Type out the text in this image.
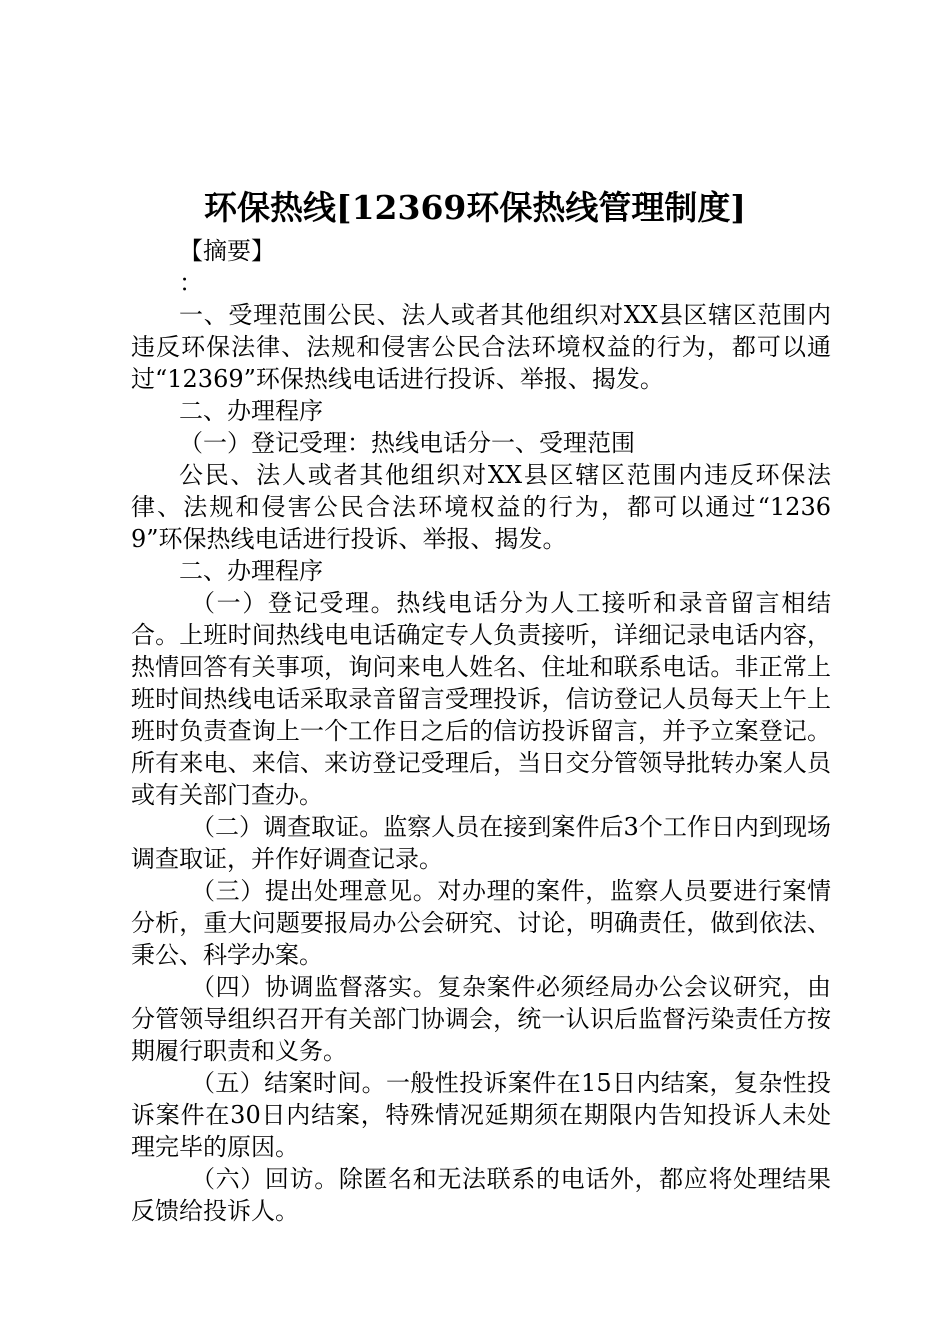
环保热线[12369环保热线管理制度]

【摘要】

：

一、受理范围公民、法人或者其他组织对XX县区辖区范围内违反环保法律、法规和侵害公民合法环境权益的行为，都可以通过“12369”环保热线电话进行投诉、举报、揭发。

二、办理程序

（一）登记受理：热线电话分一、受理范围

公民、法人或者其他组织对XX县区辖区范围内违反环保法律、法规和侵害公民合法环境权益的行为，都可以通过“12369”环保热线电话进行投诉、举报、揭发。

二、办理程序

（一）登记受理。热线电话分为人工接听和录音留言相结合。上班时间热线电电话确定专人负责接听，详细记录电话内容，热情回答有关事项，询问来电人姓名、住址和联系电话。非正常上班时间热线电话采取录音留言受理投诉，信访登记人员每天上午上班时负责查询上一个工作日之后的信访投诉留言，并予立案登记。所有来电、来信、来访登记受理后，当日交分管领导批转办案人员或有关部门查办。

（二）调查取证。监察人员在接到案件后3个工作日内到现场调查取证，并作好调查记录。

（三）提出处理意见。对办理的案件，监察人员要进行案情分析，重大问题要报局办公会研究、讨论，明确责任，做到依法、秉公、科学办案。

（四）协调监督落实。复杂案件必须经局办公会议研究，由分管领导组织召开有关部门协调会，统一认识后监督污染责任方按期履行职责和义务。

（五）结案时间。一般性投诉案件在15日内结案，复杂性投诉案件在30日内结案，特殊情况延期须在期限内告知投诉人未处理完毕的原因。

（六）回访。除匿名和无法联系的电话外，都应将处理结果反馈给投诉人。
